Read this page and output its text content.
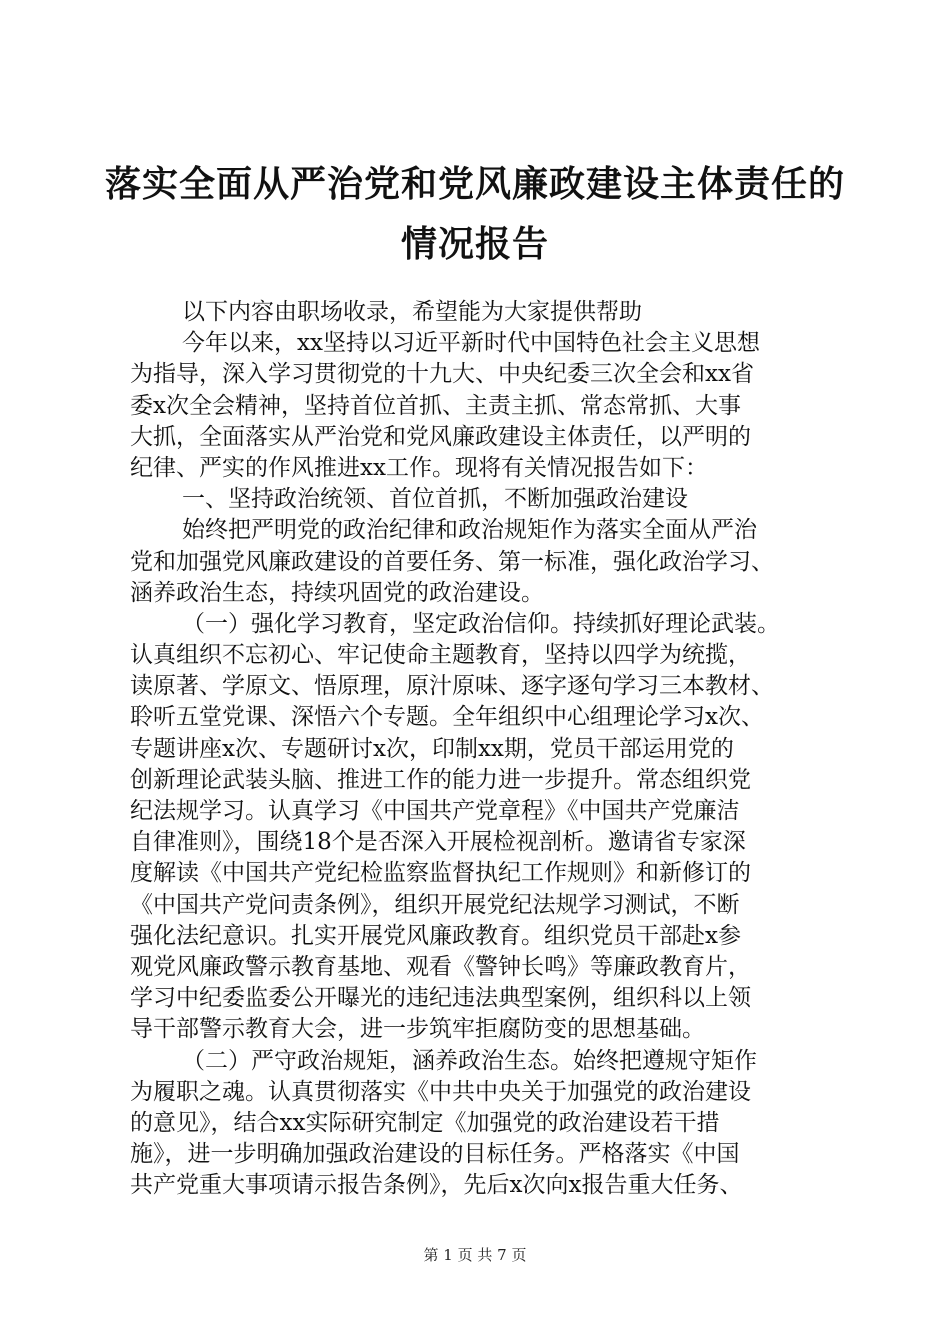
落实全面从严治党和党风廉政建设主体责任的
情况报告
以下内容由职场收录，希望能为大家提供帮助
今年以来，xx坚持以习近平新时代中国特色社会主义思想
为指导，深入学习贯彻党的十九大、中央纪委三次全会和xx省
委x次全会精神，坚持首位首抓、主责主抓、常态常抓、大事
大抓，全面落实从严治党和党风廉政建设主体责任，以严明的
纪律、严实的作风推进xx工作。现将有关情况报告如下：
一、坚持政治统领、首位首抓，不断加强政治建设
始终把严明党的政治纪律和政治规矩作为落实全面从严治
党和加强党风廉政建设的首要任务、第一标准，强化政治学习、
涵养政治生态，持续巩固党的政治建设。
（一）强化学习教育，坚定政治信仰。持续抓好理论武装。
认真组织不忘初心、牢记使命主题教育，坚持以四学为统揽，
读原著、学原文、悟原理，原汁原味、逐字逐句学习三本教材、
聆听五堂党课、深悟六个专题。全年组织中心组理论学习x次、
专题讲座x次、专题研讨x次，印制xx期，党员干部运用党的
创新理论武装头脑、推进工作的能力进一步提升。常态组织党
纪法规学习。认真学习《中国共产党章程》《中国共产党廉洁
自律准则》，围绕18个是否深入开展检视剖析。邀请省专家深
度解读《中国共产党纪检监察监督执纪工作规则》和新修订的
《中国共产党问责条例》，组织开展党纪法规学习测试，不断
强化法纪意识。扎实开展党风廉政教育。组织党员干部赴x参
观党风廉政警示教育基地、观看《警钟长鸣》等廉政教育片，
学习中纪委监委公开曝光的违纪违法典型案例，组织科以上领
导干部警示教育大会，进一步筑牢拒腐防变的思想基础。
（二）严守政治规矩，涵养政治生态。始终把遵规守矩作
为履职之魂。认真贯彻落实《中共中央关于加强党的政治建设
的意见》，结合xx实际研究制定《加强党的政治建设若干措
施》，进一步明确加强政治建设的目标任务。严格落实《中国
共产党重大事项请示报告条例》，先后x次向x报告重大任务、
第 1 页 共 7 页
